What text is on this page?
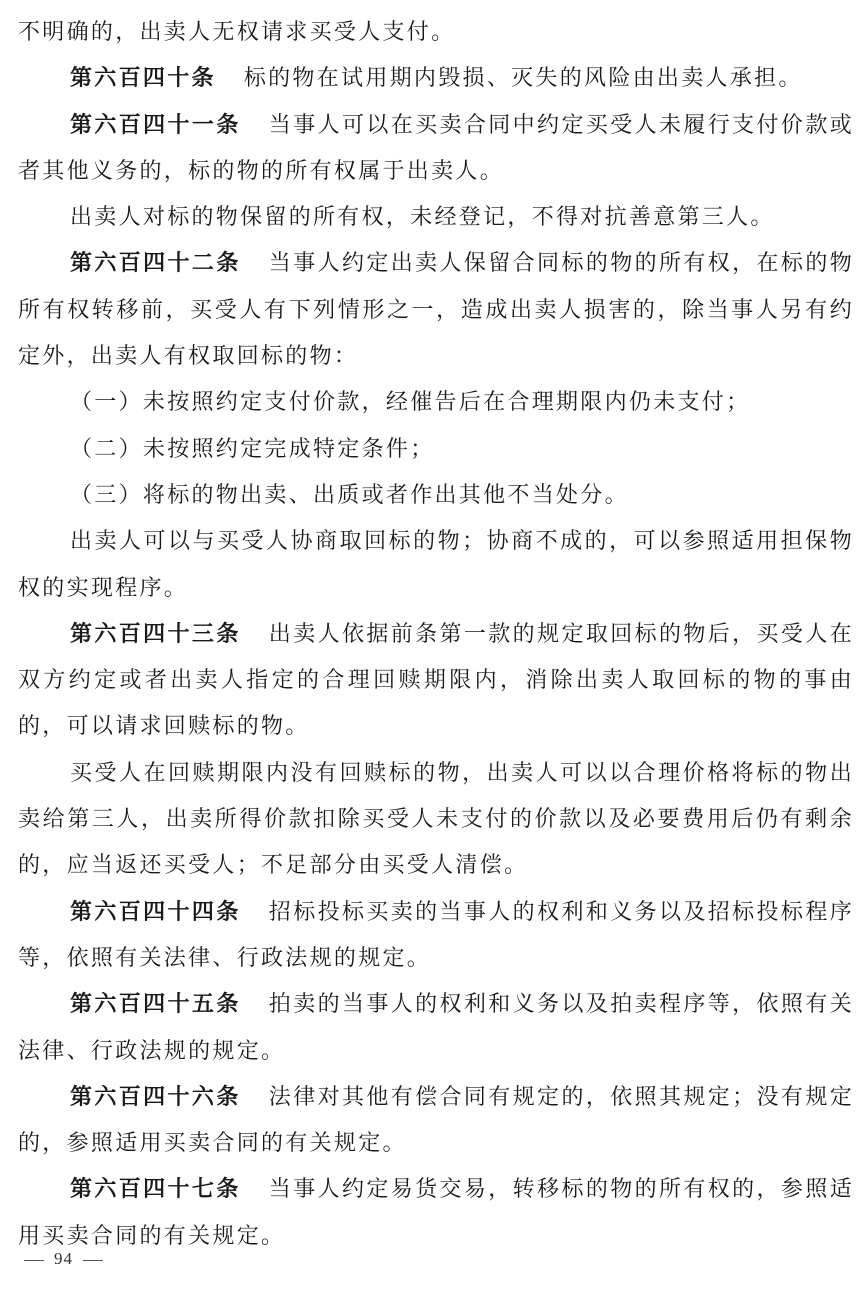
不明确的，出卖人无权请求买受人支付。

第六百四十条 标的物在试用期内毁损、灭失的风险由出卖人承担。

第六百四十一条 当事人可以在买卖合同中约定买受人未履行支付价款或者其他义务的，标的物的所有权属于出卖人。

出卖人对标的物保留的所有权，未经登记，不得对抗善意第三人。

第六百四十二条 当事人约定出卖人保留合同标的物的所有权，在标的物所有权转移前，买受人有下列情形之一，造成出卖人损害的，除当事人另有约定外，出卖人有权取回标的物：

（一）未按照约定支付价款，经催告后在合理期限内仍未支付；

（二）未按照约定完成特定条件；

（三）将标的物出卖、出质或者作出其他不当处分。

出卖人可以与买受人协商取回标的物；协商不成的，可以参照适用担保物权的实现程序。

第六百四十三条 出卖人依据前条第一款的规定取回标的物后，买受人在双方约定或者出卖人指定的合理回赎期限内，消除出卖人取回标的物的事由的，可以请求回赎标的物。

买受人在回赎期限内没有回赎标的物，出卖人可以以合理价格将标的物出卖给第三人，出卖所得价款扣除买受人未支付的价款以及必要费用后仍有剩余的，应当返还买受人；不足部分由买受人清偿。

第六百四十四条 招标投标买卖的当事人的权利和义务以及招标投标程序等，依照有关法律、行政法规的规定。

第六百四十五条 拍卖的当事人的权利和义务以及拍卖程序等，依照有关法律、行政法规的规定。

第六百四十六条 法律对其他有偿合同有规定的，依照其规定；没有规定的，参照适用买卖合同的有关规定。

第六百四十七条 当事人约定易货交易，转移标的物的所有权的，参照适用买卖合同的有关规定。

94
